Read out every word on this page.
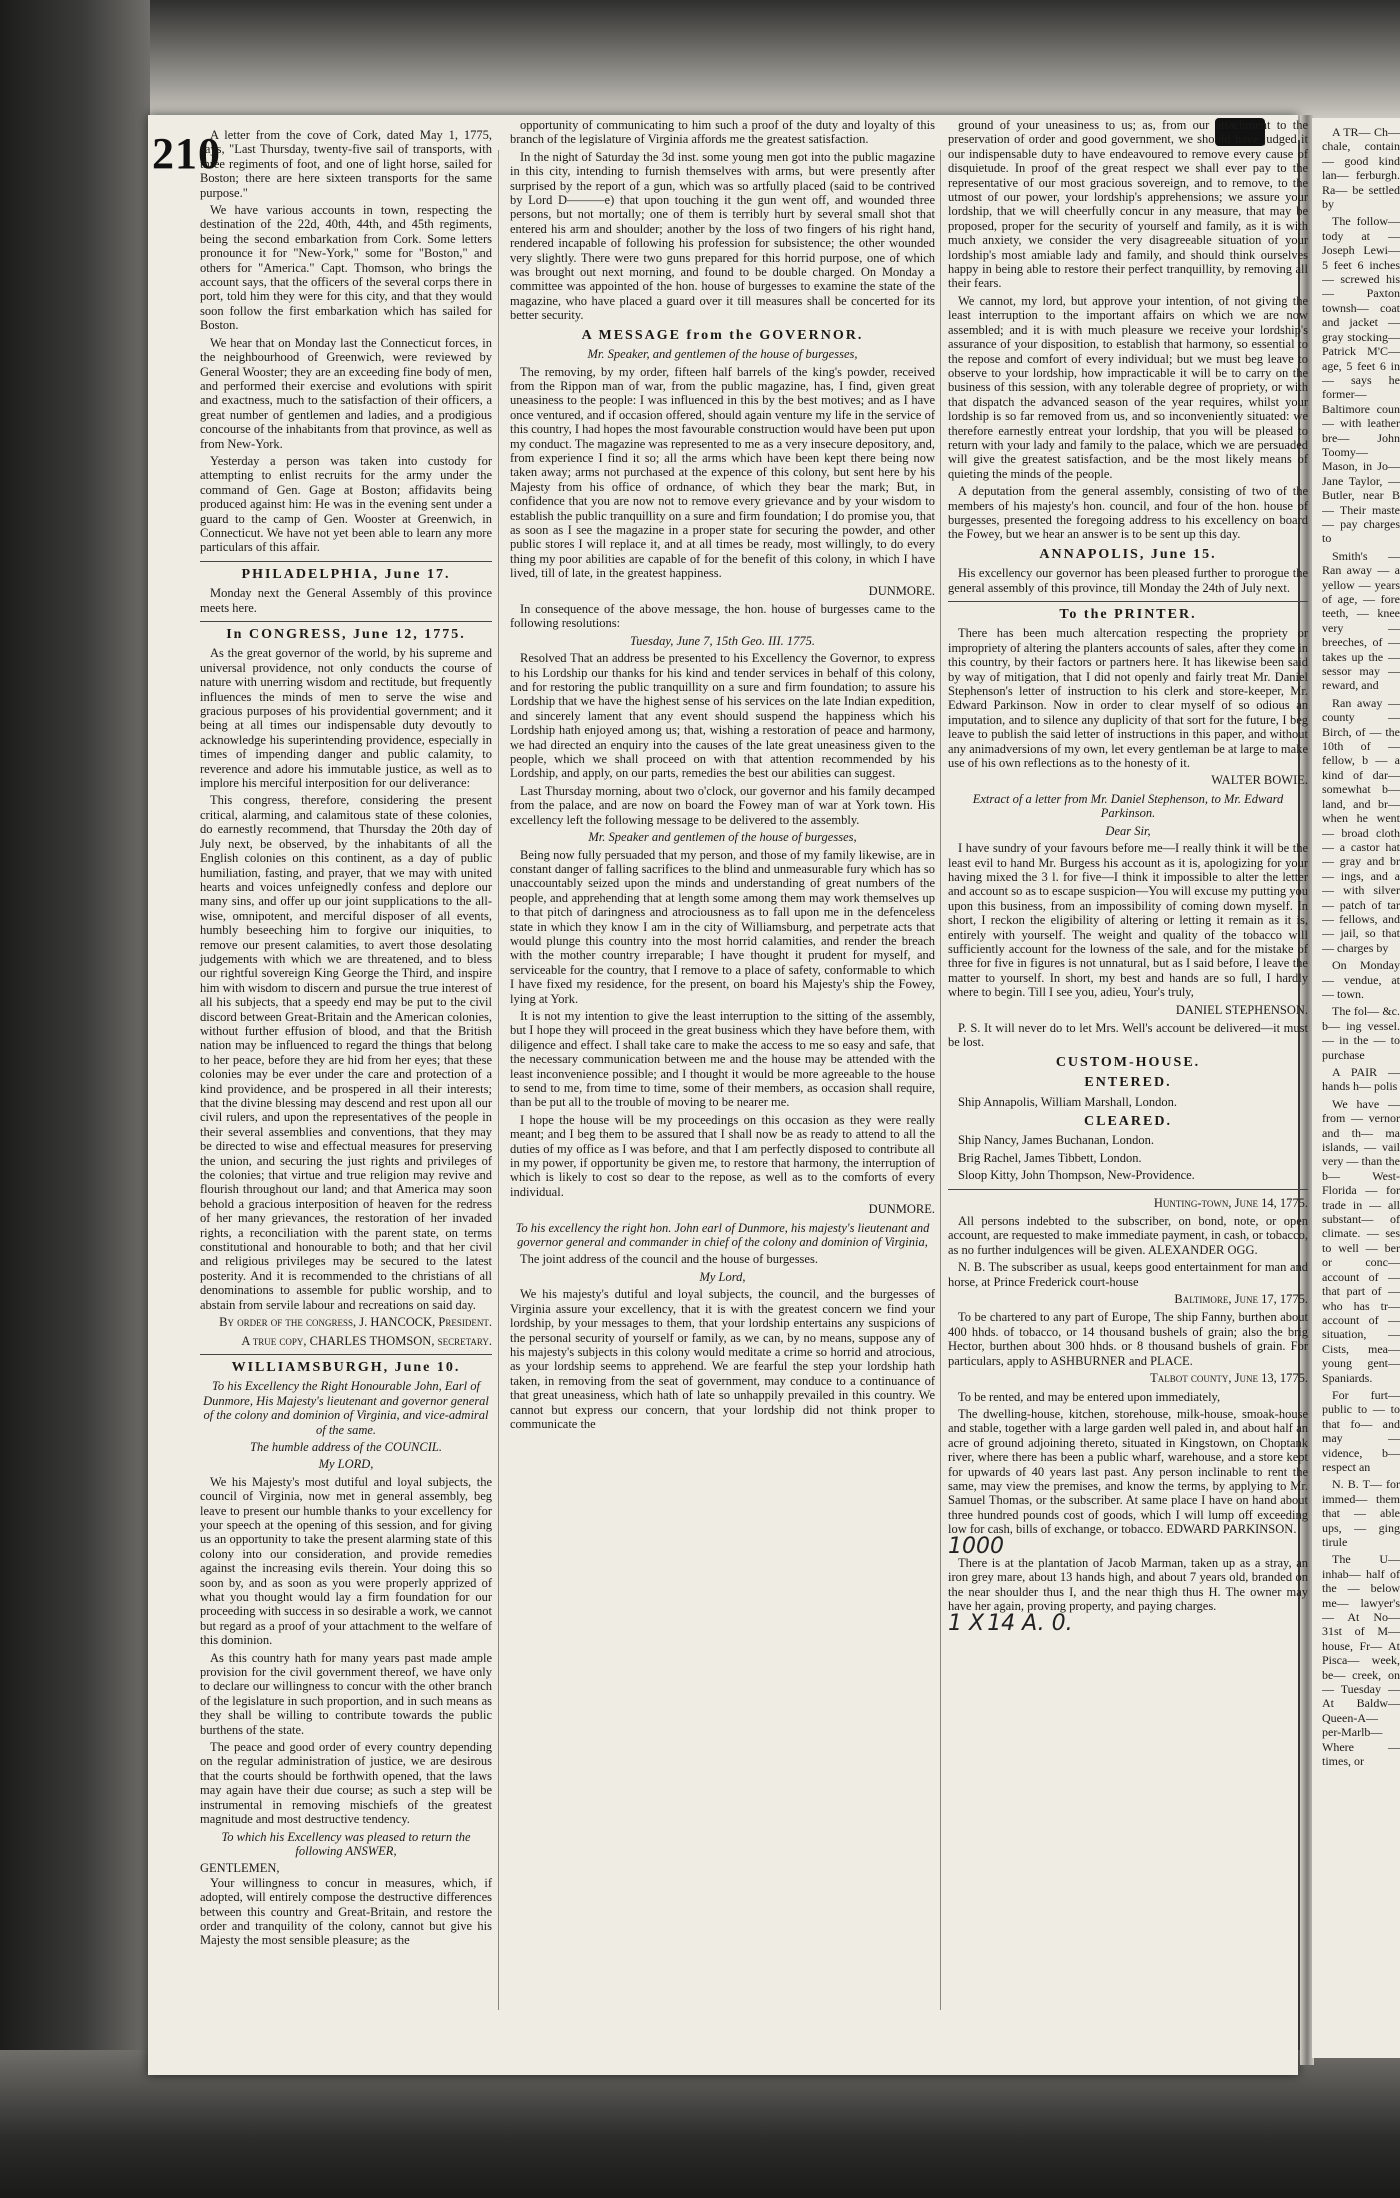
210

A letter from the cove of Cork, dated May 1, 1775, says, "Last Thursday, twenty-five sail of transports, with three regiments of foot, and one of light horse, sailed for Boston; there are here sixteen transports for the same purpose."

We have various accounts in town, respecting the destination of the 22d, 40th, 44th, and 45th regiments, being the second embarkation from Cork. Some letters pronounce it for "New-York," some for "Boston," and others for "America." Capt. Thomson, who brings the account says, that the officers of the several corps there in port, told him they were for this city, and that they would soon follow the first embarkation which has sailed for Boston.

We hear that on Monday last the Connecticut forces, in the neighbourhood of Greenwich, were reviewed by General Wooster; they are an exceeding fine body of men, and performed their exercise and evolutions with spirit and exactness, much to the satisfaction of their officers, a great number of gentlemen and ladies, and a prodigious concourse of the inhabitants from that province, as well as from New-York.

Yesterday a person was taken into custody for attempting to enlist recruits for the army under the command of Gen. Gage at Boston; affidavits being produced against him: He was in the evening sent under a guard to the camp of Gen. Wooster at Greenwich, in Connecticut. We have not yet been able to learn any more particulars of this affair.

PHILADELPHIA, June 17.

Monday next the General Assembly of this province meets here.

In CONGRESS, June 12, 1775.

As the great governor of the world, by his supreme and universal providence, not only conducts the course of nature with unerring wisdom and rectitude, but frequently influences the minds of men to serve the wise and gracious purposes of his providential government; and it being at all times our indispensable duty devoutly to acknowledge his superintending providence, especially in times of impending danger and public calamity, to reverence and adore his immutable justice, as well as to implore his merciful interposition for our deliverance:

This congress, therefore, considering the present critical, alarming, and calamitous state of these colonies, do earnestly recommend, that Thursday the 20th day of July next, be observed, by the inhabitants of all the English colonies on this continent, as a day of public humiliation, fasting, and prayer, that we may with united hearts and voices unfeignedly confess and deplore our many sins, and offer up our joint supplications to the all-wise, omnipotent, and merciful disposer of all events, humbly beseeching him to forgive our iniquities, to remove our present calamities, to avert those desolating judgements with which we are threatened, and to bless our rightful sovereign King George the Third, and inspire him with wisdom to discern and pursue the true interest of all his subjects, that a speedy end may be put to the civil discord between Great-Britain and the American colonies, without further effusion of blood, and that the British nation may be influenced to regard the things that belong to her peace, before they are hid from her eyes; that these colonies may be ever under the care and protection of a kind providence, and be prospered in all their interests; that the divine blessing may descend and rest upon all our civil rulers, and upon the representatives of the people in their several assemblies and conventions, that they may be directed to wise and effectual measures for preserving the union, and securing the just rights and privileges of the colonies; that virtue and true religion may revive and flourish throughout our land; and that America may soon behold a gracious interposition of heaven for the redress of her many grievances, the restoration of her invaded rights, a reconciliation with the parent state, on terms constitutional and honourable to both; and that her civil and religious privileges may be secured to the latest posterity. And it is recommended to the christians of all denominations to assemble for public worship, and to abstain from servile labour and recreations on said day.

By order of the congress, J. HANCOCK, President.
A true copy, CHARLES THOMSON, secretary.
WILLIAMSBURGH, June 10.
To his Excellency the Right Honourable John, Earl of Dunmore, His Majesty's lieutenant and governor general of the colony and dominion of Virginia, and vice-admiral of the same.
The humble address of the COUNCIL.
My LORD,

We his Majesty's most dutiful and loyal subjects, the council of Virginia, now met in general assembly, beg leave to present our humble thanks to your excellency for your speech at the opening of this session, and for giving us an opportunity to take the present alarming state of this colony into our consideration, and provide remedies against the increasing evils therein. Your doing this so soon by, and as soon as you were properly apprized of what you thought would lay a firm foundation for our proceeding with success in so desirable a work, we cannot but regard as a proof of your attachment to the welfare of this dominion.

As this country hath for many years past made ample provision for the civil government thereof, we have only to declare our willingness to concur with the other branch of the legislature in such proportion, and in such means as they shall be willing to contribute towards the public burthens of the state.

The peace and good order of every country depending on the regular administration of justice, we are desirous that the courts should be forthwith opened, that the laws may again have their due course; as such a step will be instrumental in removing mischiefs of the greatest magnitude and most destructive tendency.

To which his Excellency was pleased to return the following ANSWER,
GENTLEMEN,

Your willingness to concur in measures, which, if adopted, will entirely compose the destructive differences between this country and Great-Britain, and restore the order and tranquility of the colony, cannot but give his Majesty the most sensible pleasure; as the

opportunity of communicating to him such a proof of the duty and loyalty of this branch of the legislature of Virginia affords me the greatest satisfaction.

In the night of Saturday the 3d inst. some young men got into the public magazine in this city, intending to furnish themselves with arms, but were presently after surprised by the report of a gun, which was so artfully placed (said to be contrived by Lord D———e) that upon touching it the gun went off, and wounded three persons, but not mortally; one of them is terribly hurt by several small shot that entered his arm and shoulder; another by the loss of two fingers of his right hand, rendered incapable of following his profession for subsistence; the other wounded very slightly. There were two guns prepared for this horrid purpose, one of which was brought out next morning, and found to be double charged. On Monday a committee was appointed of the hon. house of burgesses to examine the state of the magazine, who have placed a guard over it till measures shall be concerted for its better security.

A MESSAGE from the GOVERNOR.
Mr. Speaker, and gentlemen of the house of burgesses,

The removing, by my order, fifteen half barrels of the king's powder, received from the Rippon man of war, from the public magazine, has, I find, given great uneasiness to the people: I was influenced in this by the best motives; and as I have once ventured, and if occasion offered, should again venture my life in the service of this country, I had hopes the most favourable construction would have been put upon my conduct. The magazine was represented to me as a very insecure depository, and, from experience I find it so; all the arms which have been kept there being now taken away; arms not purchased at the expence of this colony, but sent here by his Majesty from his office of ordnance, of which they bear the mark; But, in confidence that you are now not to remove every grievance and by your wisdom to establish the public tranquillity on a sure and firm foundation; I do promise you, that as soon as I see the magazine in a proper state for securing the powder, and other public stores I will replace it, and at all times be ready, most willingly, to do every thing my poor abilities are capable of for the benefit of this colony, in which I have lived, till of late, in the greatest happiness.

DUNMORE.

In consequence of the above message, the hon. house of burgesses came to the following resolutions:

Tuesday, June 7, 15th Geo. III. 1775.

Resolved That an address be presented to his Excellency the Governor, to express to his Lordship our thanks for his kind and tender services in behalf of this colony, and for restoring the public tranquillity on a sure and firm foundation; to assure his Lordship that we have the highest sense of his services on the late Indian expedition, and sincerely lament that any event should suspend the happiness which his Lordship hath enjoyed among us; that, wishing a restoration of peace and harmony, we had directed an enquiry into the causes of the late great uneasiness given to the people, which we shall proceed on with that attention recommended by his Lordship, and apply, on our parts, remedies the best our abilities can suggest.

Last Thursday morning, about two o'clock, our governor and his family decamped from the palace, and are now on board the Fowey man of war at York town. His excellency left the following message to be delivered to the assembly.

Mr. Speaker and gentlemen of the house of burgesses,

Being now fully persuaded that my person, and those of my family likewise, are in constant danger of falling sacrifices to the blind and unmeasurable fury which has so unaccountably seized upon the minds and understanding of great numbers of the people, and apprehending that at length some among them may work themselves up to that pitch of daringness and atrociousness as to fall upon me in the defenceless state in which they know I am in the city of Williamsburg, and perpetrate acts that would plunge this country into the most horrid calamities, and render the breach with the mother country irreparable; I have thought it prudent for myself, and serviceable for the country, that I remove to a place of safety, conformable to which I have fixed my residence, for the present, on board his Majesty's ship the Fowey, lying at York.

It is not my intention to give the least interruption to the sitting of the assembly, but I hope they will proceed in the great business which they have before them, with diligence and effect. I shall take care to make the access to me so easy and safe, that the necessary communication between me and the house may be attended with the least inconvenience possible; and I thought it would be more agreeable to the house to send to me, from time to time, some of their members, as occasion shall require, than be put all to the trouble of moving to be nearer me.

I hope the house will be my proceedings on this occasion as they were really meant; and I beg them to be assured that I shall now be as ready to attend to all the duties of my office as I was before, and that I am perfectly disposed to contribute all in my power, if opportunity be given me, to restore that harmony, the interruption of which is likely to cost so dear to the repose, as well as to the comforts of every individual.

DUNMORE.
To his excellency the right hon. John earl of Dunmore, his majesty's lieutenant and governor general and commander in chief of the colony and dominion of Virginia,

The joint address of the council and the house of burgesses.

My Lord,

We his majesty's dutiful and loyal subjects, the council, and the burgesses of Virginia assure your excellency, that it is with the greatest concern we find your lordship, by your messages to them, that your lordship entertains any suspicions of the personal security of yourself or family, as we can, by no means, suppose any of his majesty's subjects in this colony would meditate a crime so horrid and atrocious, as your lordship seems to apprehend. We are fearful the step your lordship hath taken, in removing from the seat of government, may conduce to a continuance of that great uneasiness, which hath of late so unhappily prevailed in this country. We cannot but express our concern, that your lordship did not think proper to communicate the

ground of your uneasiness to us; as, from our attachment to the preservation of order and good government, we should have judged it our indispensable duty to have endeavoured to remove every cause of disquietude. In proof of the great respect we shall ever pay to the representative of our most gracious sovereign, and to remove, to the utmost of our power, your lordship's apprehensions; we assure your lordship, that we will cheerfully concur in any measure, that may be proposed, proper for the security of yourself and family, as it is with much anxiety, we consider the very disagreeable situation of your lordship's most amiable lady and family, and should think ourselves happy in being able to restore their perfect tranquillity, by removing all their fears.

We cannot, my lord, but approve your intention, of not giving the least interruption to the important affairs on which we are now assembled; and it is with much pleasure we receive your lordship's assurance of your disposition, to establish that harmony, so essential to the repose and comfort of every individual; but we must beg leave to observe to your lordship, how impracticable it will be to carry on the business of this session, with any tolerable degree of propriety, or with that dispatch the advanced season of the year requires, whilst your lordship is so far removed from us, and so inconveniently situated: we therefore earnestly entreat your lordship, that you will be pleased to return with your lady and family to the palace, which we are persuaded will give the greatest satisfaction, and be the most likely means of quieting the minds of the people.

A deputation from the general assembly, consisting of two of the members of his majesty's hon. council, and four of the hon. house of burgesses, presented the foregoing address to his excellency on board the Fowey, but we hear an answer is to be sent up this day.

ANNAPOLIS, June 15.

His excellency our governor has been pleased further to prorogue the general assembly of this province, till Monday the 24th of July next.

To the PRINTER.

There has been much altercation respecting the propriety or impropriety of altering the planters accounts of sales, after they come in this country, by their factors or partners here. It has likewise been said by way of mitigation, that I did not openly and fairly treat Mr. Daniel Stephenson's letter of instruction to his clerk and store-keeper, Mr. Edward Parkinson. Now in order to clear myself of so odious an imputation, and to silence any duplicity of that sort for the future, I beg leave to publish the said letter of instructions in this paper, and without any animadversions of my own, let every gentleman be at large to make use of his own reflections as to the honesty of it.

WALTER BOWIE.
Extract of a letter from Mr. Daniel Stephenson, to Mr. Edward Parkinson.
Dear Sir,

I have sundry of your favours before me—I really think it will be the least evil to hand Mr. Burgess his account as it is, apologizing for your having mixed the 3 l. for five—I think it impossible to alter the letter and account so as to escape suspicion—You will excuse my putting you upon this business, from an impossibility of coming down myself. In short, I reckon the eligibility of altering or letting it remain as it is, entirely with yourself. The weight and quality of the tobacco will sufficiently account for the lowness of the sale, and for the mistake of three for five in figures is not unnatural, but as I said before, I leave the matter to yourself. In short, my best and hands are so full, I hardly where to begin. Till I see you, adieu, Your's truly,

DANIEL STEPHENSON.

P. S. It will never do to let Mrs. Well's account be delivered—it must be lost.

CUSTOM-HOUSE.
ENTERED.

Ship Annapolis, William Marshall, London.

CLEARED.

Ship Nancy, James Buchanan, London.

Brig Rachel, James Tibbett, London.

Sloop Kitty, John Thompson, New-Providence.

Hunting-town, June 14, 1775.

All persons indebted to the subscriber, on bond, note, or open account, are requested to make immediate payment, in cash, or tobacco, as no further indulgences will be given. ALEXANDER OGG.

N. B. The subscriber as usual, keeps good entertainment for man and horse, at Prince Frederick court-house

Baltimore, June 17, 1775.

To be chartered to any part of Europe, The ship Fanny, burthen about 400 hhds. of tobacco, or 14 thousand bushels of grain; also the brig Hector, burthen about 300 hhds. or 8 thousand bushels of grain. For particulars, apply to ASHBURNER and PLACE.

Talbot county, June 13, 1775.

To be rented, and may be entered upon immediately,

The dwelling-house, kitchen, storehouse, milk-house, smoak-house and stable, together with a large garden well paled in, and about half an acre of ground adjoining thereto, situated in Kingstown, on Choptank river, where there has been a public wharf, warehouse, and a store kept for upwards of 40 years last past. Any person inclinable to rent the same, may view the premises, and know the terms, by applying to Mr. Samuel Thomas, or the subscriber. At same place I have on hand about three hundred pounds cost of goods, which I will lump off exceeding low for cash, bills of exchange, or tobacco. EDWARD PARKINSON.

1000

There is at the plantation of Jacob Marman, taken up as a stray, an iron grey mare, about 13 hands high, and about 7 years old, branded on the near shoulder thus I, and the near thigh thus H. The owner may have her again, proving property, and paying charges.

1 X 14 A. 0.

A TR— Ch— chale, contain— good kind lan— ferburgh. Ra— be settled by

The follow— tody at — Joseph Lewi— 5 feet 6 inches — screwed his — Paxton townsh— coat and jacket — gray stocking— Patrick M'C— age, 5 feet 6 in— says he former— Baltimore coun— with leather bre— John Toomy— Mason, in Jo— Jane Taylor, — Butler, near B— Their maste— pay charges to

Smith's — Ran away — a yellow — years of age, — fore teeth, — knee very — breeches, of — takes up the — sessor may — reward, and

Ran away — county — Birch, of — the 10th of — fellow, b — a kind of dar— somewhat b— land, and br— when he went — broad cloth — a castor hat — gray and br— ings, and a— with silver — patch of tar — fellows, and — jail, so that — charges by

On Monday — vendue, at — town.

The fol— &c. b— ing vessel. — in the — to purchase

A PAIR — hands h— polis

We have — from — vernor and th— ma islands, — vail very — than the b— West-Florida — for trade in — all substant— of climate. — ses to well — ber or conc— account of — that part of — who has tr— account of — situation, — Cists, mea— young gent— Spaniards.

For furt— public to — to that fo— and may — vidence, b— respect an

N. B. T— for immed— them that — able ups, — ging tirule

The U— inhab— half of the — below me— lawyer's — At No— 31st of M— house, Fr— At Pisca— week, be— creek, on — Tuesday — At Baldw— Queen-A— per-Marlb— Where — times, or
